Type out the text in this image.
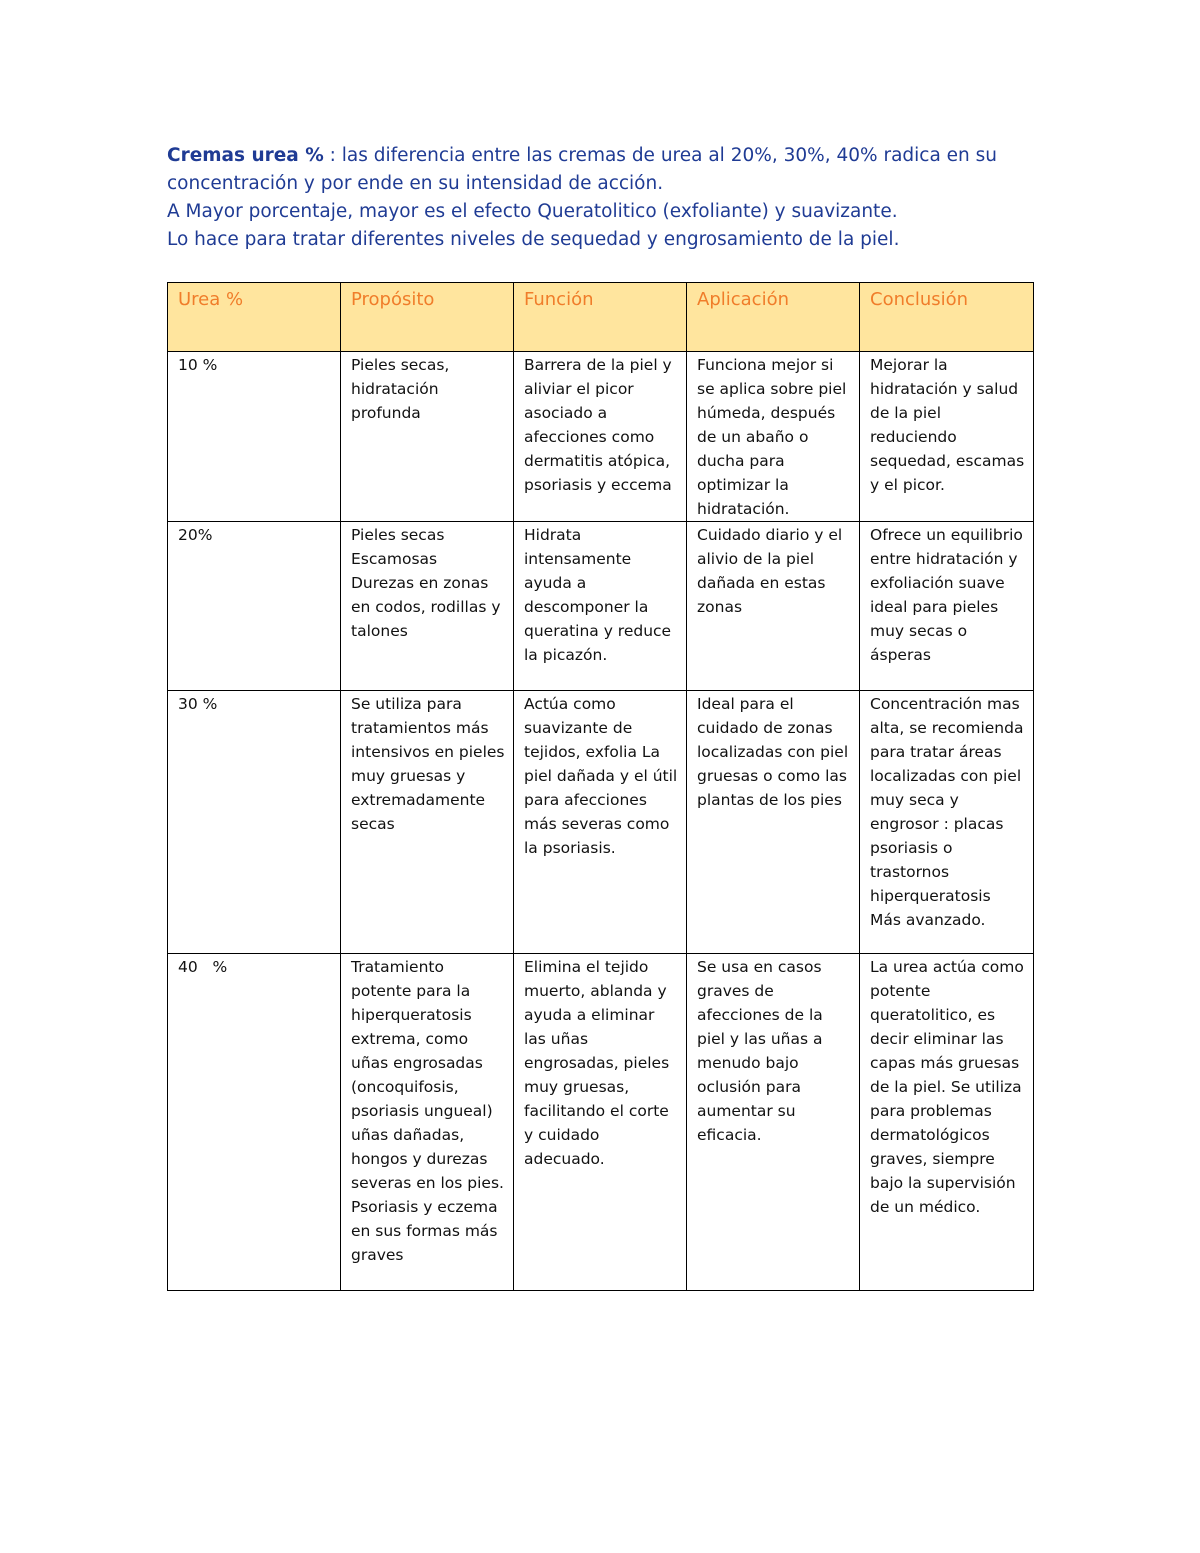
Cremas urea % : las diferencia entre las cremas de urea al 20%, 30%, 40% radica en su concentración y por ende en su intensidad de acción.

A Mayor porcentaje, mayor es el efecto Queratolitico (exfoliante) y suavizante.

Lo hace para tratar diferentes niveles de sequedad y engrosamiento de la piel.

Urea %	Propósito	Función	Aplicación	Conclusión
10 %	Pieles secas, hidratación profunda	Barrera de la piel y aliviar el picor asociado a afecciones como dermatitis atópica, psoriasis y eccema	Funciona mejor si se aplica sobre piel húmeda, después de un abaño o ducha para optimizar la hidratación.	Mejorar la hidratación y salud de la piel reduciendo sequedad, escamas y el picor.

20%	Pieles secas
Escamosas
Durezas en zonas en codos, rodillas y talones	Hidrata intensamente ayuda a descomponer la queratina y reduce la picazón.	Cuidado diario y el alivio de la piel dañada en estas zonas	Ofrece un equilibrio entre hidratación y exfoliación suave ideal para pieles muy secas o ásperas

30 %	Se utiliza para tratamientos más intensivos en pieles muy gruesas y extremadamente secas	Actúa como suavizante de tejidos, exfolia La piel dañada y el útil para afecciones más severas como la psoriasis.	Ideal para el cuidado de zonas localizadas con piel gruesas o como las plantas de los pies	Concentración mas alta, se recomienda para tratar áreas localizadas con piel muy seca y engrosor : placas psoriasis o trastornos hiperqueratosis
Más avanzado.

40   %	Tratamiento potente para la hiperqueratosis extrema, como uñas engrosadas (oncoquifosis, psoriasis ungueal) uñas dañadas, hongos y durezas severas en los pies.
Psoriasis y eczema en sus formas más graves	Elimina el tejido muerto, ablanda y ayuda a eliminar las uñas engrosadas, pieles muy gruesas, facilitando el corte y cuidado adecuado.	Se usa en casos graves de afecciones de la piel y las uñas a menudo bajo oclusión para aumentar su eficacia.	La urea actúa como potente queratolitico, es decir eliminar las capas más gruesas de la piel. Se utiliza para problemas dermatológicos graves, siempre bajo la supervisión de un médico.
